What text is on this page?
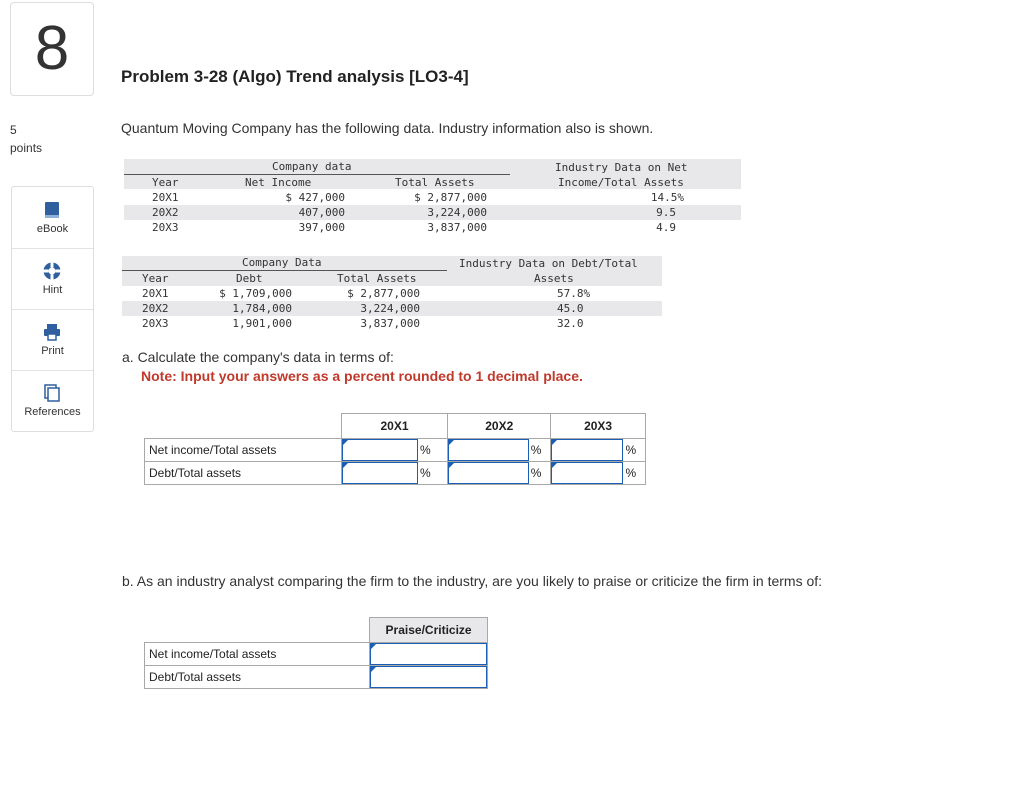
8
5
points
eBook
Hint
Print
References
Problem 3-28 (Algo) Trend analysis [LO3-4]
Quantum Moving Company has the following data. Industry information also is shown.
Company data
Year	Net Income	Total Assets
Industry Data on Net
Income/Total Assets
20X1	$ 427,000	$ 2,877,000	14.5%
20X2	407,000	3,224,000	9.5
20X3	397,000	3,837,000	4.9
Company Data
Year	Debt	Total Assets
Industry Data on Debt/Total
Assets
20X1	$ 1,709,000	$ 2,877,000	57.8%
20X2	1,784,000	3,224,000	45.0
20X3	1,901,000	3,837,000	32.0
a. Calculate the company's data in terms of:
Note: Input your answers as a percent rounded to 1 decimal place.
	20X1		20X2		20X3	
Net income/Total assets		%		%		%
Debt/Total assets		%		%		%
b. As an industry analyst comparing the firm to the industry, are you likely to praise or criticize the firm in terms of:
	Praise/Criticize
Net income/Total assets	

Debt/Total assets	
